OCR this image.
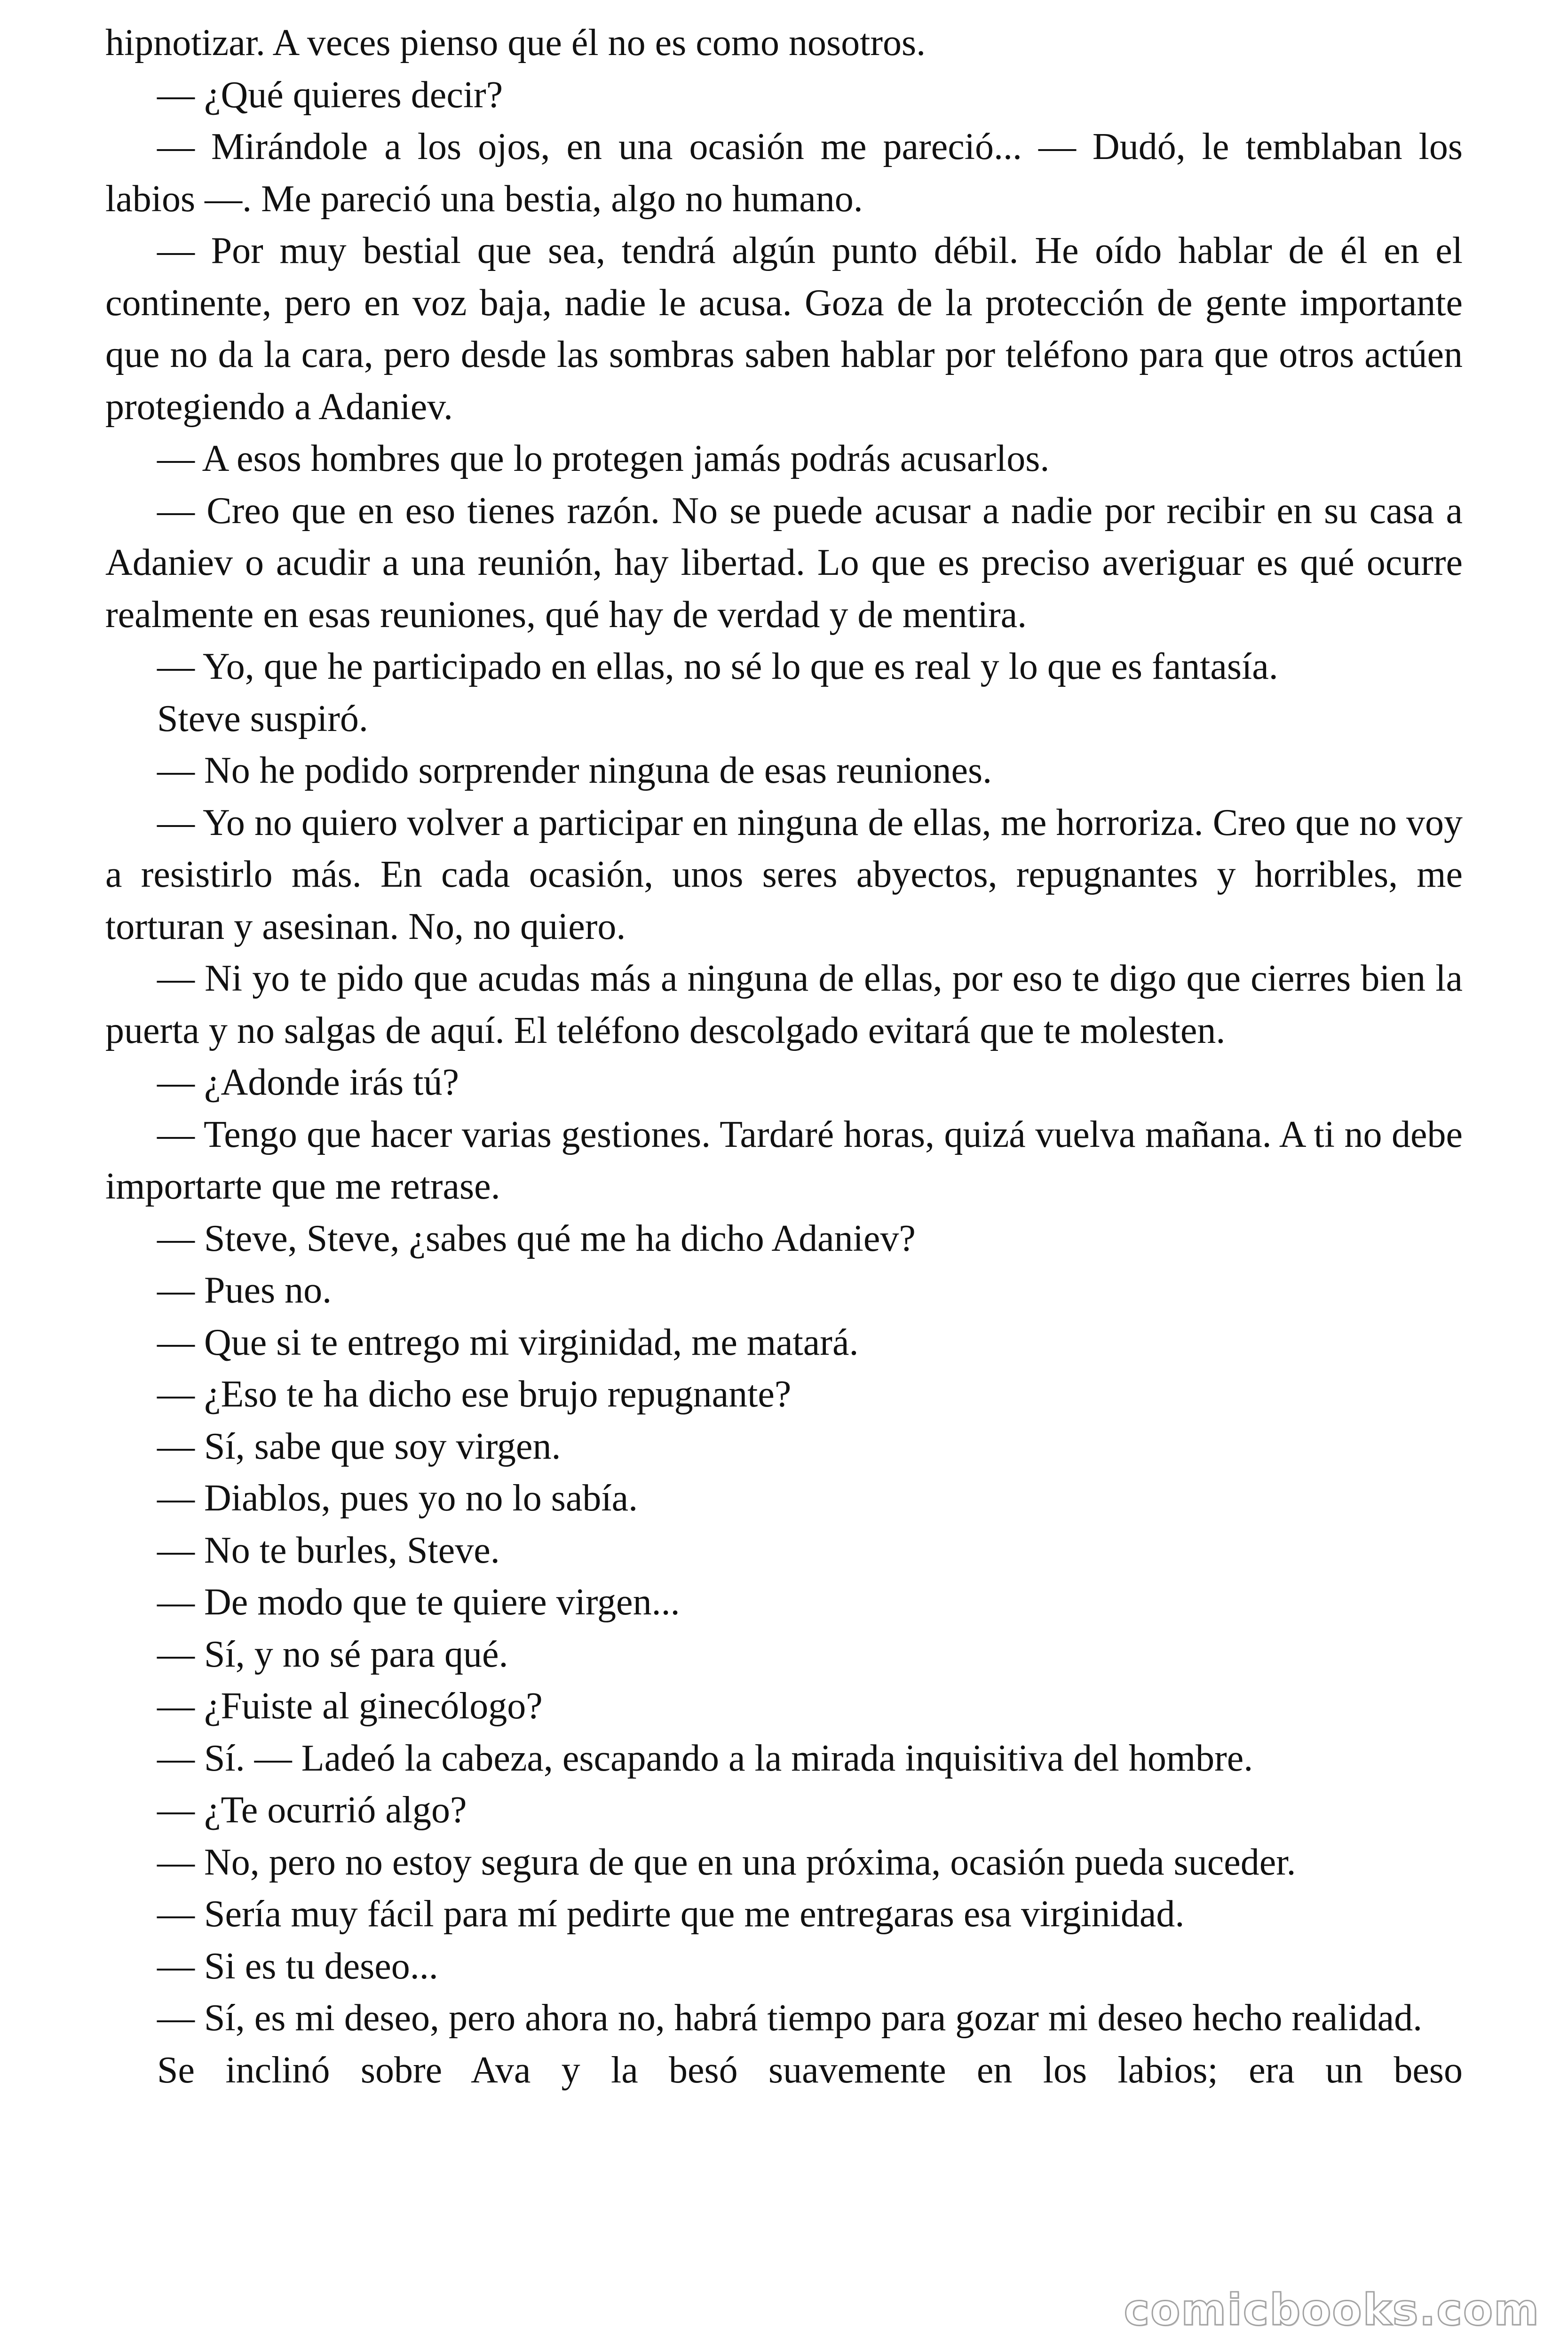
hipnotizar. A veces pienso que él no es como nosotros.

— ¿Qué quieres decir?

— Mirándole a los ojos, en una ocasión me pareció... — Dudó, le temblaban los labios —. Me pareció una bestia, algo no humano.

— Por muy bestial que sea, tendrá algún punto débil. He oído hablar de él en el continente, pero en voz baja, nadie le acusa. Goza de la protección de gente importante que no da la cara, pero desde las sombras saben hablar por teléfono para que otros actúen protegiendo a Adaniev.

— A esos hombres que lo protegen jamás podrás acusarlos.

— Creo que en eso tienes razón. No se puede acusar a nadie por recibir en su casa a Adaniev o acudir a una reunión, hay libertad. Lo que es preciso averiguar es qué ocurre realmente en esas reuniones, qué hay de verdad y de mentira.

— Yo, que he participado en ellas, no sé lo que es real y lo que es fantasía.

Steve suspiró.

— No he podido sorprender ninguna de esas reuniones.

— Yo no quiero volver a participar en ninguna de ellas, me horroriza. Creo que no voy a resistirlo más. En cada ocasión, unos seres abyectos, repugnantes y horribles, me torturan y asesinan. No, no quiero.

— Ni yo te pido que acudas más a ninguna de ellas, por eso te digo que cierres bien la puerta y no salgas de aquí. El teléfono descolgado evitará que te molesten.

— ¿Adonde irás tú?

— Tengo que hacer varias gestiones. Tardaré horas, quizá vuelva mañana. A ti no debe importarte que me retrase.

— Steve, Steve, ¿sabes qué me ha dicho Adaniev?

— Pues no.

— Que si te entrego mi virginidad, me matará.

— ¿Eso te ha dicho ese brujo repugnante?

— Sí, sabe que soy virgen.

— Diablos, pues yo no lo sabía.

— No te burles, Steve.

— De modo que te quiere virgen...

— Sí, y no sé para qué.

— ¿Fuiste al ginecólogo?

— Sí. — Ladeó la cabeza, escapando a la mirada inquisitiva del hombre.

— ¿Te ocurrió algo?

— No, pero no estoy segura de que en una próxima, ocasión pueda suceder.

— Sería muy fácil para mí pedirte que me entregaras esa virginidad.

— Si es tu deseo...

— Sí, es mi deseo, pero ahora no, habrá tiempo para gozar mi deseo hecho realidad.

Se inclinó sobre Ava y la besó suavemente en los labios; era un beso

comicbooks.com
